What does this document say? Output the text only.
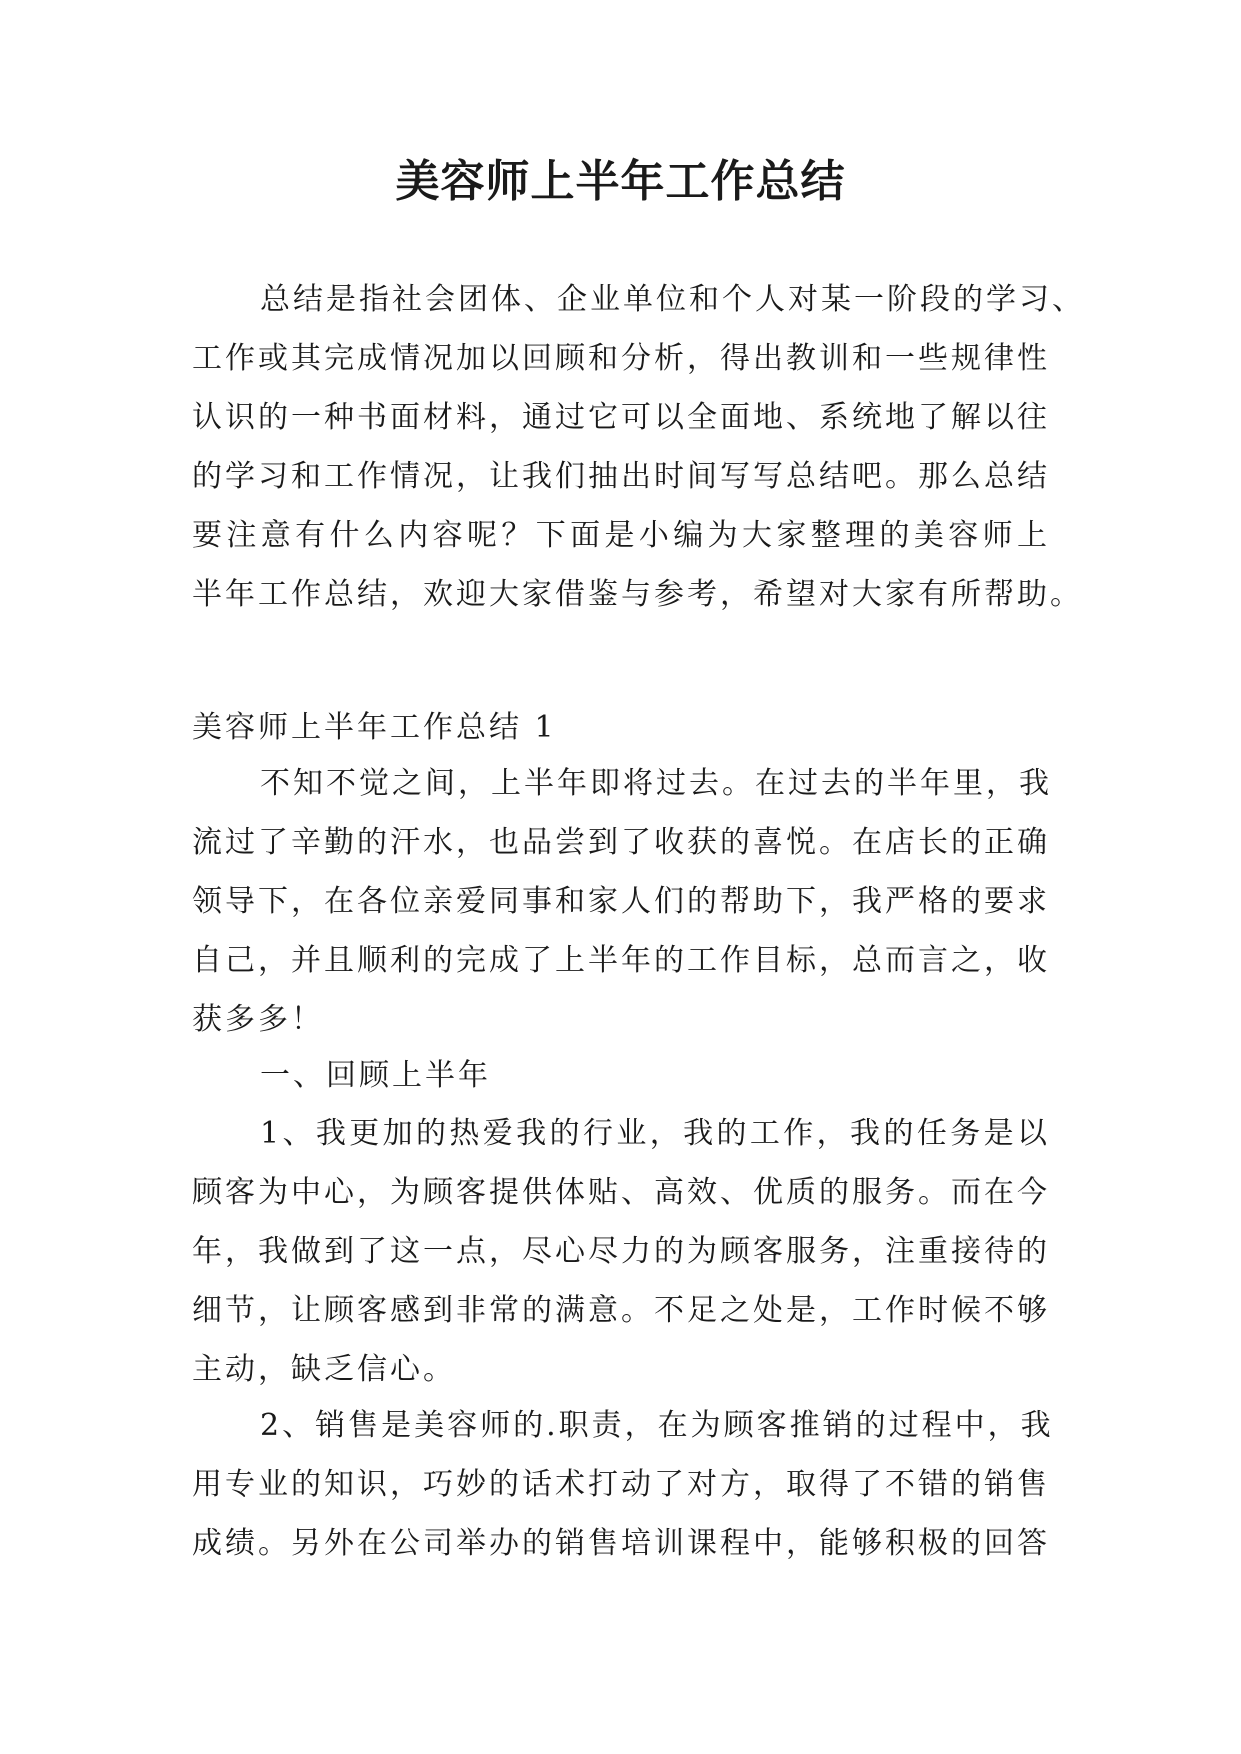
美容师上半年工作总结
总结是指社会团体、企业单位和个人对某一阶段的学习、
工作或其完成情况加以回顾和分析，得出教训和一些规律性
认识的一种书面材料，通过它可以全面地、系统地了解以往
的学习和工作情况，让我们抽出时间写写总结吧。那么总结
要注意有什么内容呢？下面是小编为大家整理的美容师上
半年工作总结，欢迎大家借鉴与参考，希望对大家有所帮助。

美容师上半年工作总结 1

不知不觉之间，上半年即将过去。在过去的半年里，我
流过了辛勤的汗水，也品尝到了收获的喜悦。在店长的正确
领导下，在各位亲爱同事和家人们的帮助下，我严格的要求
自己，并且顺利的完成了上半年的工作目标，总而言之，收
获多多！

一、回顾上半年

1、我更加的热爱我的行业，我的工作，我的任务是以
顾客为中心，为顾客提供体贴、高效、优质的服务。而在今
年，我做到了这一点，尽心尽力的为顾客服务，注重接待的
细节，让顾客感到非常的满意。不足之处是，工作时候不够
主动，缺乏信心。
2、销售是美容师的.职责，在为顾客推销的过程中，我
用专业的知识，巧妙的话术打动了对方，取得了不错的销售
成绩。另外在公司举办的销售培训课程中，能够积极的回答
